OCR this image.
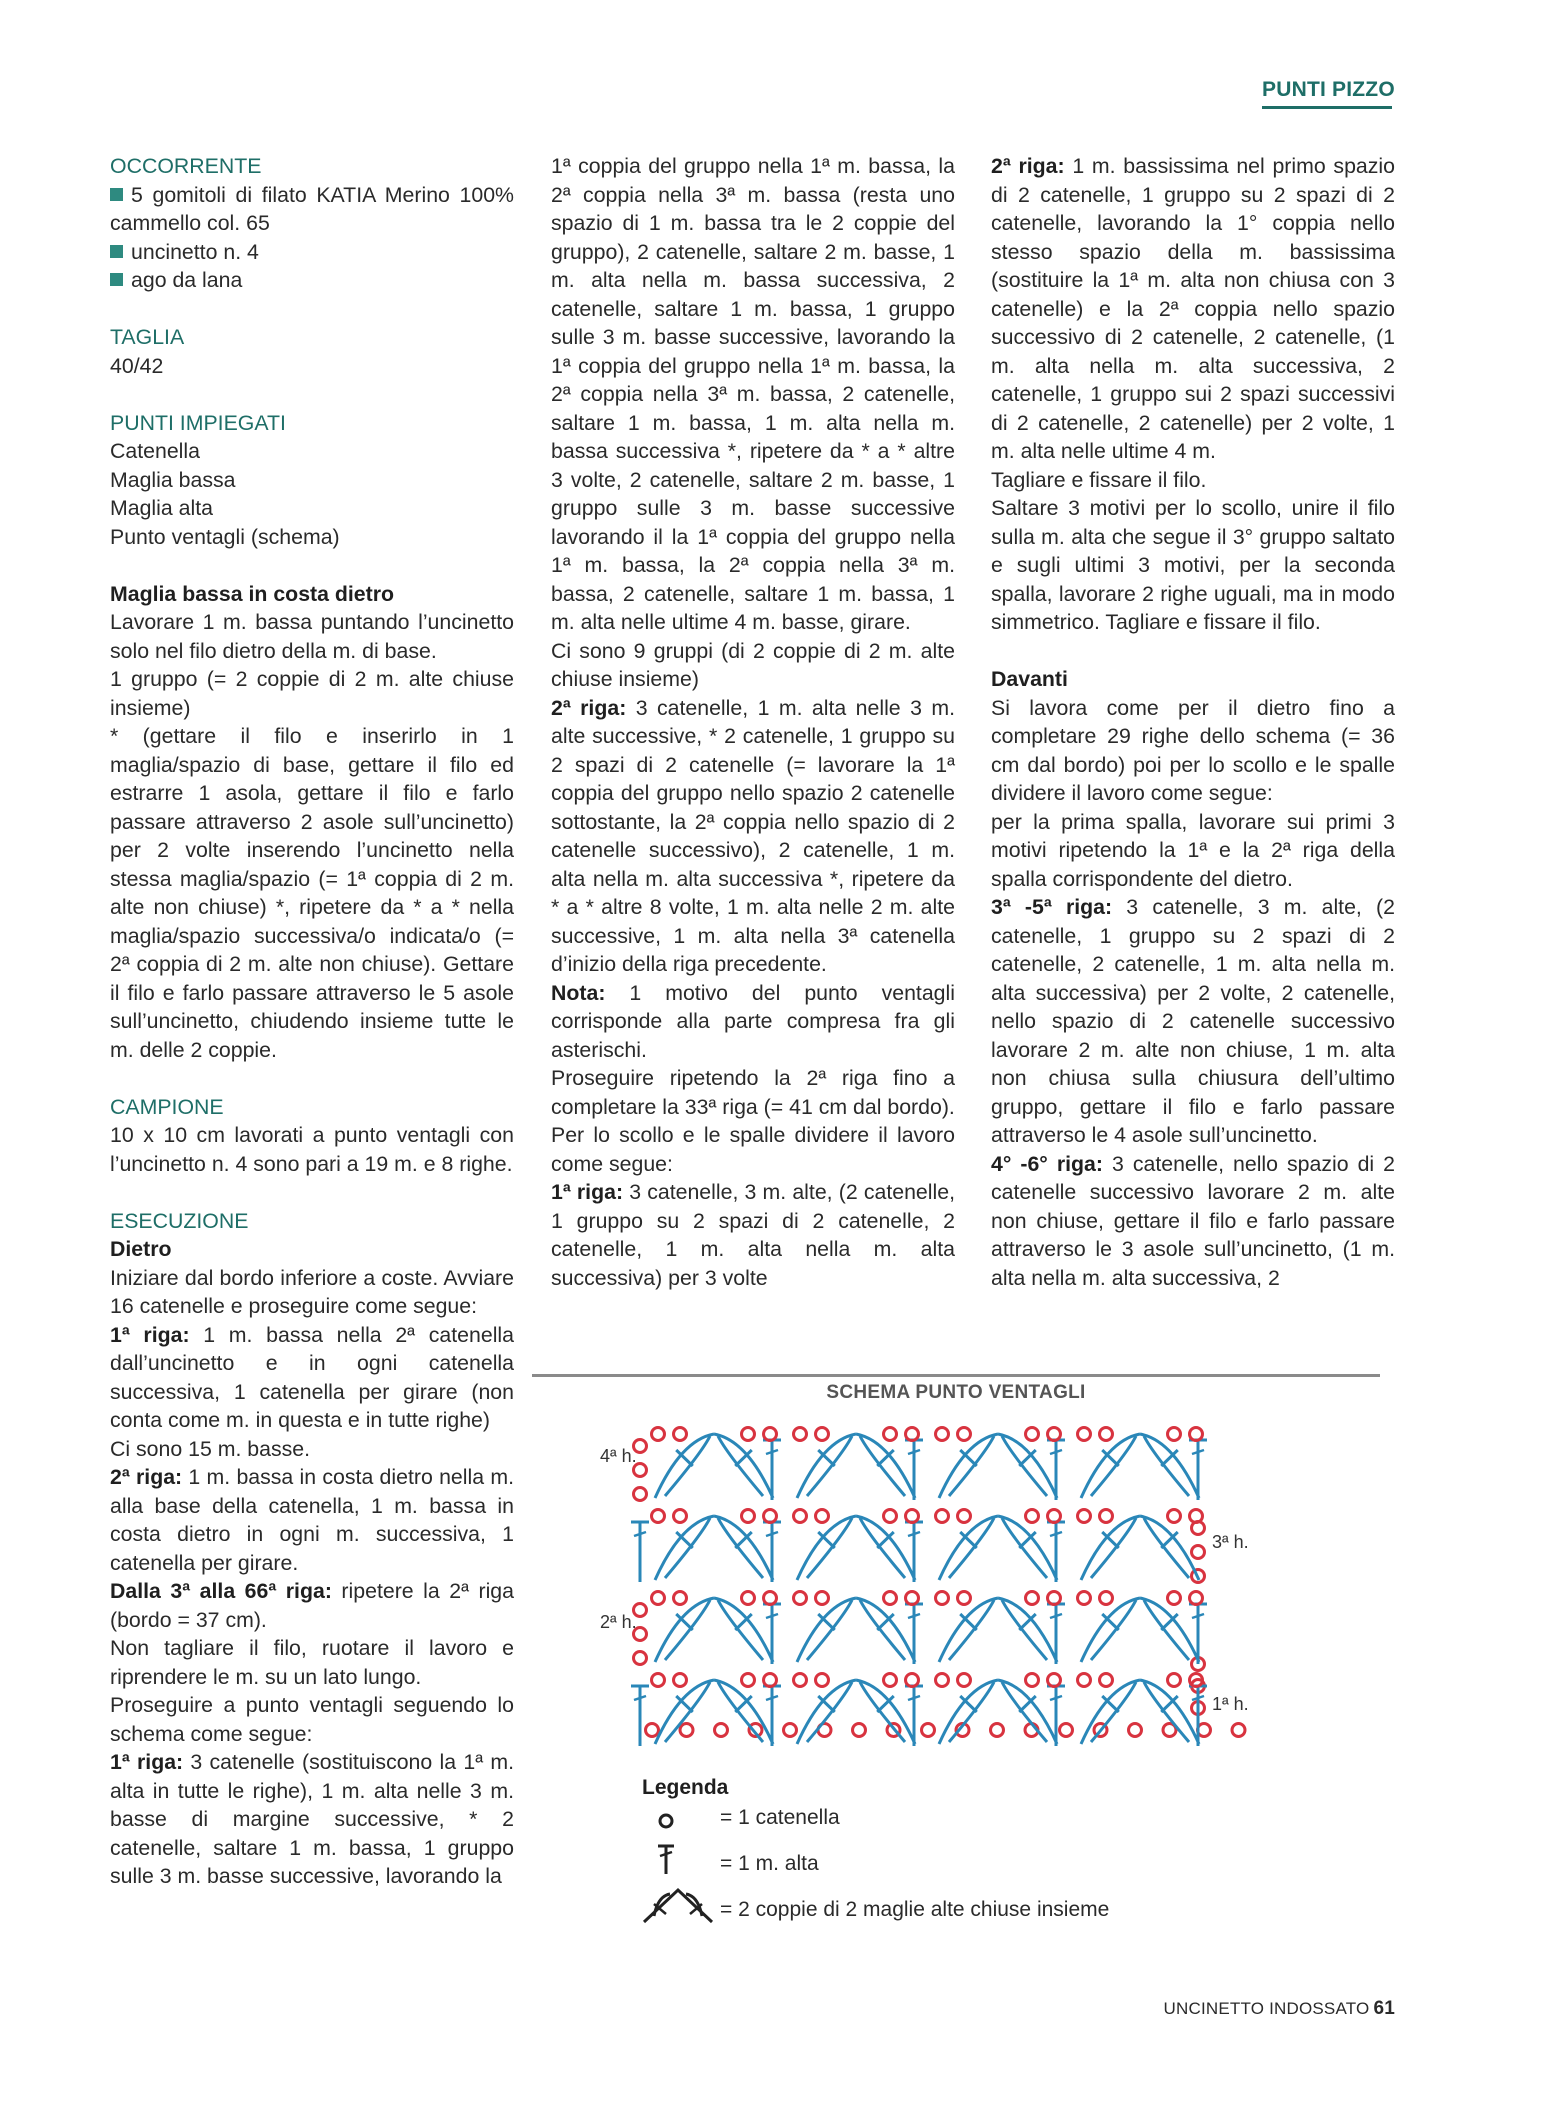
PUNTI PIZZO

OCCORRENTE

5 gomitoli di filato KATIA Merino 100% cammello col. 65

uncinetto n. 4

ago da lana

TAGLIA

40/42

PUNTI IMPIEGATI

Catenella

Maglia bassa

Maglia alta

Punto ventagli (schema)

Maglia bassa in costa dietro

Lavorare 1 m. bassa puntando l’uncinetto solo nel filo dietro della m. di base.

1 gruppo (= 2 coppie di 2 m. alte chiuse insieme)

* (gettare il filo e inserirlo in 1 maglia/spazio di base, gettare il filo ed estrarre 1 asola, gettare il filo e farlo passare attraverso 2 asole sull’uncinetto) per 2 volte inserendo l’uncinetto nella stessa maglia/spazio (= 1ª coppia di 2 m. alte non chiuse) *, ripetere da * a * nella maglia/spazio successiva/o indicata/o (= 2ª coppia di 2 m. alte non chiuse). Gettare il filo e farlo passare attraverso le 5 asole sull’uncinetto, chiudendo insieme tutte le m. delle 2 coppie.

CAMPIONE

10 x 10 cm lavorati a punto ventagli con l’uncinetto n. 4 sono pari a 19 m. e 8 righe.

ESECUZIONE

Dietro

Iniziare dal bordo inferiore a coste. Avviare 16 catenelle e proseguire come segue:

1ª riga: 1 m. bassa nella 2ª catenella dall’uncinetto e in ogni catenella successiva, 1 catenella per girare (non conta come m. in questa e in tutte righe)

Ci sono 15 m. basse.

2ª riga: 1 m. bassa in costa dietro nella m. alla base della catenella, 1 m. bassa in costa dietro in ogni m. successiva, 1 catenella per girare.

Dalla 3ª alla 66ª riga: ripetere la 2ª riga (bordo = 37 cm).

Non tagliare il filo, ruotare il lavoro e riprendere le m. su un lato lungo.

Proseguire a punto ventagli seguendo lo schema come segue:

1ª riga: 3 catenelle (sostituiscono la 1ª m. alta in tutte le righe), 1 m. alta nelle 3 m. basse di margine successive, * 2 catenelle, saltare 1 m. bassa, 1 gruppo sulle 3 m. basse successive, lavorando la

1ª coppia del gruppo nella 1ª m. bassa, la 2ª coppia nella 3ª m. bassa (resta uno spazio di 1 m. bassa tra le 2 coppie del gruppo), 2 catenelle, saltare 2 m. basse, 1 m. alta nella m. bassa successiva, 2 catenelle, saltare 1 m. bassa, 1 gruppo sulle 3 m. basse successive, lavorando la 1ª coppia del gruppo nella 1ª m. bassa, la 2ª coppia nella 3ª m. bassa, 2 catenelle, saltare 1 m. bassa, 1 m. alta nella m. bassa successiva *, ripetere da * a * altre 3 volte, 2 catenelle, saltare 2 m. basse, 1 gruppo sulle 3 m. basse successive lavorando il la 1ª coppia del gruppo nella 1ª m. bassa, la 2ª coppia nella 3ª m. bassa, 2 catenelle, saltare 1 m. bassa, 1 m. alta nelle ultime 4 m. basse, girare.

Ci sono 9 gruppi (di 2 coppie di 2 m. alte chiuse insieme)

2ª riga: 3 catenelle, 1 m. alta nelle 3 m. alte successive, * 2 catenelle, 1 gruppo su 2 spazi di 2 catenelle (= lavorare la 1ª coppia del gruppo nello spazio 2 catenelle sottostante, la 2ª coppia nello spazio di 2 catenelle successivo), 2 catenelle, 1 m. alta nella m. alta successiva *, ripetere da * a * altre 8 volte, 1 m. alta nelle 2 m. alte successive, 1 m. alta nella 3ª catenella d’inizio della riga precedente.

Nota: 1 motivo del punto ventagli corrisponde alla parte compresa fra gli asterischi.

Proseguire ripetendo la 2ª riga fino a completare la 33ª riga (= 41 cm dal bordo).

Per lo scollo e le spalle dividere il lavoro come segue:

1ª riga: 3 catenelle, 3 m. alte, (2 catenelle, 1 gruppo su 2 spazi di 2 catenelle, 2 catenelle, 1 m. alta nella m. alta successiva) per 3 volte

2ª riga: 1 m. bassissima nel primo spazio di 2 catenelle, 1 gruppo su 2 spazi di 2 catenelle, lavorando la 1° coppia nello stesso spazio della m. bassissima (sostituire la 1ª m. alta non chiusa con 3 catenelle) e la 2ª coppia nello spazio successivo di 2 catenelle, 2 catenelle, (1 m. alta nella m. alta successiva, 2 catenelle, 1 gruppo sui 2 spazi successivi di 2 catenelle, 2 catenelle) per 2 volte, 1 m. alta nelle ultime 4 m.

Tagliare e fissare il filo.

Saltare 3 motivi per lo scollo, unire il filo sulla m. alta che segue il 3° gruppo saltato e sugli ultimi 3 motivi, per la seconda spalla, lavorare 2 righe uguali, ma in modo simmetrico. Tagliare e fissare il filo.

Davanti

Si lavora come per il dietro fino a completare 29 righe dello schema (= 36 cm dal bordo) poi per lo scollo e le spalle dividere il lavoro come segue:

per la prima spalla, lavorare sui primi 3 motivi ripetendo la 1ª e la 2ª riga della spalla corrispondente del dietro.

3ª -5ª riga: 3 catenelle, 3 m. alte, (2 catenelle, 1 gruppo su 2 spazi di 2 catenelle, 2 catenelle, 1 m. alta nella m. alta successiva) per 2 volte, 2 catenelle, nello spazio di 2 catenelle successivo lavorare 2 m. alte non chiuse, 1 m. alta non chiusa sulla chiusura dell’ultimo gruppo, gettare il filo e farlo passare attraverso le 4 asole sull’uncinetto.

4° -6° riga: 3 catenelle, nello spazio di 2 catenelle successivo lavorare 2 m. alte non chiuse, gettare il filo e farlo passare attraverso le 3 asole sull’uncinetto, (1 m. alta nella m. alta successiva, 2

SCHEMA PUNTO VENTAGLI
4ª h.
3ª h.
2ª h.
1ª h.
Legenda
= 1 catenella
= 1 m. alta
= 2 coppie di 2 maglie alte chiuse insieme
UNCINETTO INDOSSATO 61
